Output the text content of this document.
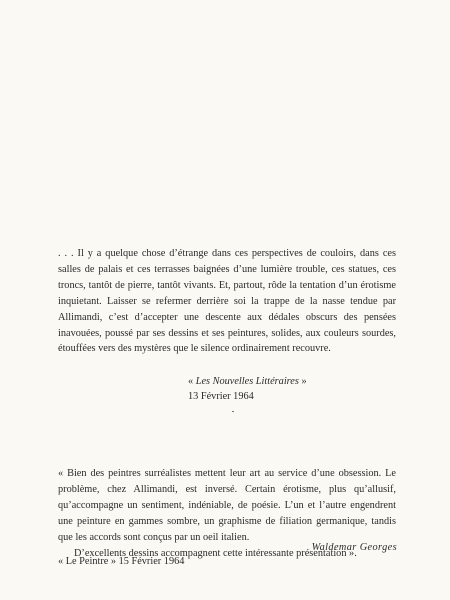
. . . Il y a quelque chose d’étrange dans ces perspectives de couloirs, dans ces salles de palais et ces terrasses baignées d’une lumière trouble, ces statues, ces troncs, tantôt de pierre, tantôt vivants. Et, partout, rôde la tentation d’un érotisme inquietant. Laisser se refermer derrière soi la trappe de la nasse tendue par Allimandi, c’est d’accepter une descente aux dédales obscurs des pensées inavouées, poussé par ses dessins et ses peintures, solides, aux couleurs sourdes, étouffées vers des mystères que le silence ordinairement recouvre.

« Les Nouvelles Littéraires »
13 Février 1964

« Bien des peintres surréalistes mettent leur art au service d’une obsession. Le problème, chez Allimandi, est inversé. Certain érotisme, plus qu’allusif, qu’accompagne un sentiment, indéniable, de poésie. L’un et l’autre engendrent une peinture en gammes sombre, un graphisme de filiation germanique, tandis que les accords sont conçus par un oeil italien.

D’excellents dessins accompagnent cette intéressante présentation ».

Waldemar Georges
« Le Peintre » 15 Février 1964
